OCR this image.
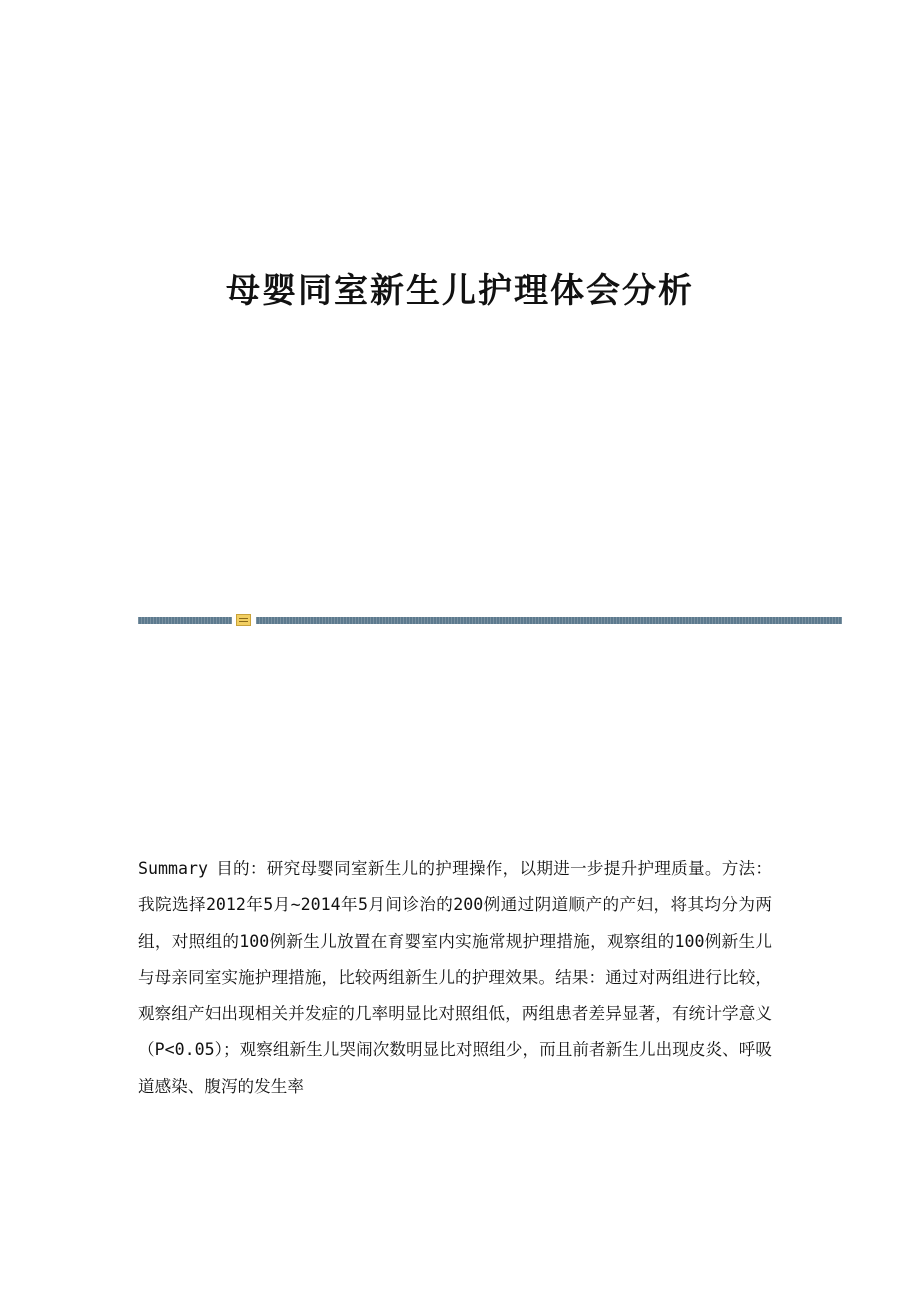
母婴同室新生儿护理体会分析

Summary 目的：研究母婴同室新生儿的护理操作，以期进一步提升护理质量。方法：我院选择2012年5月~2014年5月间诊治的200例通过阴道顺产的产妇，将其均分为两组，对照组的100例新生儿放置在育婴室内实施常规护理措施，观察组的100例新生儿与母亲同室实施护理措施，比较两组新生儿的护理效果。结果：通过对两组进行比较，观察组产妇出现相关并发症的几率明显比对照组低，两组患者差异显著，有统计学意义（P<0.05）；观察组新生儿哭闹次数明显比对照组少，而且前者新生儿出现皮炎、呼吸道感染、腹泻的发生率
